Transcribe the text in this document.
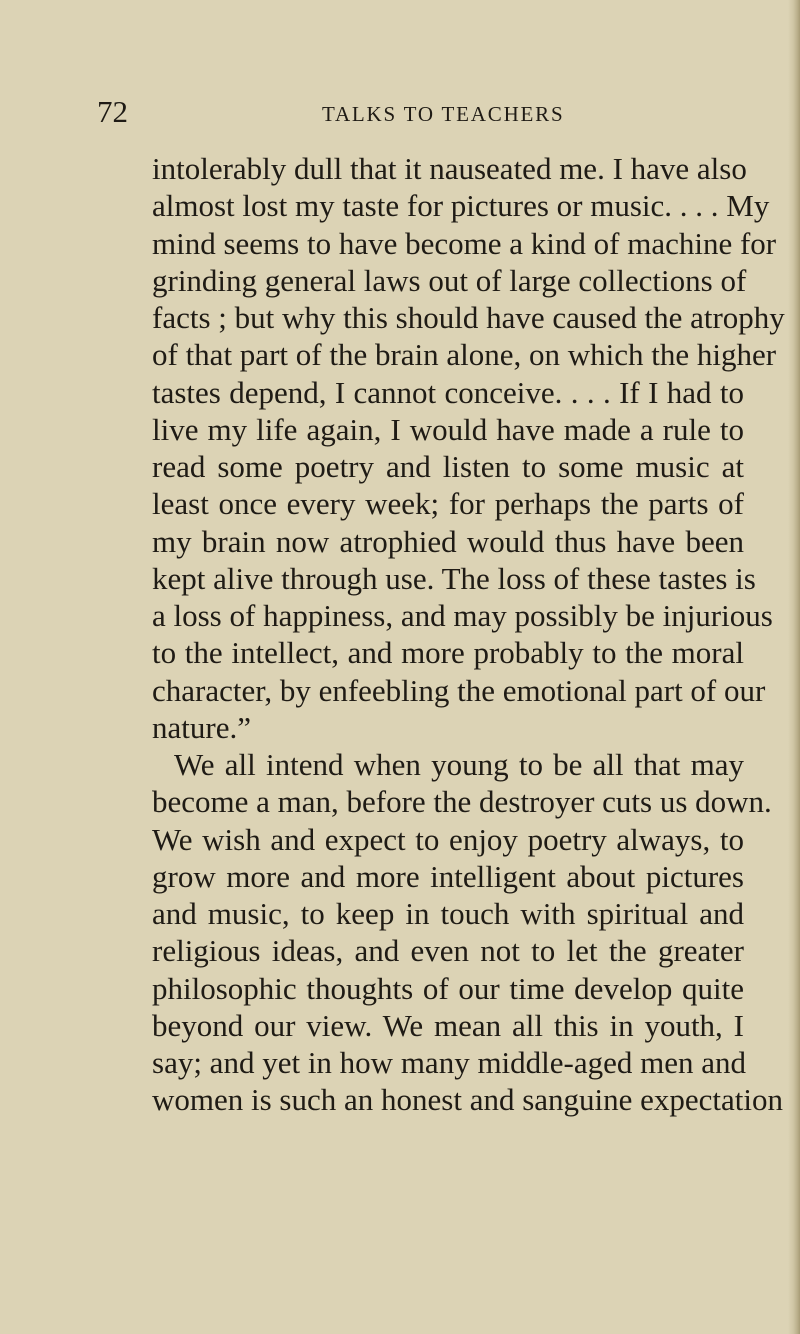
72	TALKS TO TEACHERS
intolerably dull that it nauseated me. I have also
almost lost my taste for pictures or music. . . . My
mind seems to have become a kind of machine for
grinding general laws out of large collections of
facts ; but why this should have caused the atrophy
of that part of the brain alone, on which the higher
tastes depend, I cannot conceive. . . . If I had to
live my life again, I would have made a rule to
read some poetry and listen to some music at
least once every week; for perhaps the parts of
my brain now atrophied would thus have been
kept alive through use. The loss of these tastes is
a loss of happiness, and may possibly be injurious
to the intellect, and more probably to the moral
character, by enfeebling the emotional part of our
nature.”
We all intend when young to be all that may
become a man, before the destroyer cuts us down.
We wish and expect to enjoy poetry always, to
grow more and more intelligent about pictures
and music, to keep in touch with spiritual and
religious ideas, and even not to let the greater
philosophic thoughts of our time develop quite
beyond our view. We mean all this in youth, I
say; and yet in how many middle-aged men and
women is such an honest and sanguine expectation
